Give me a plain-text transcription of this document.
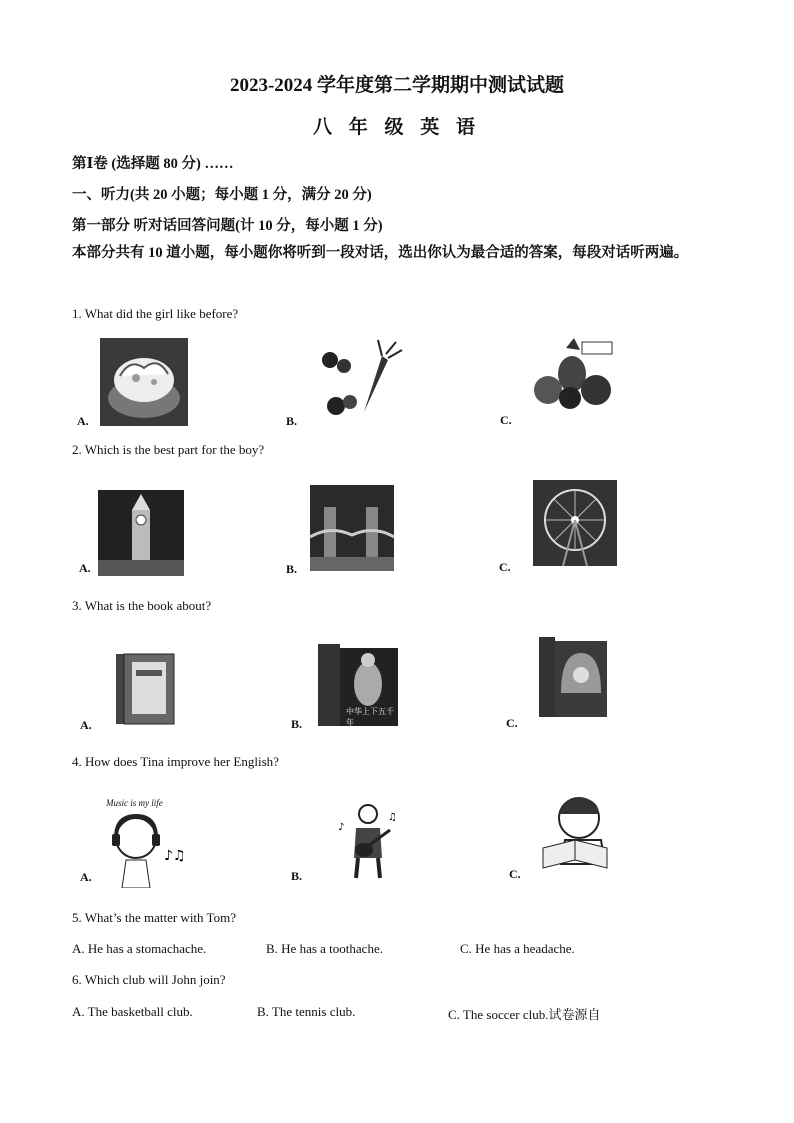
2023-2024 学年度第二学期期中测试试题
八 年 级 英 语
第Ⅰ卷 (选择题 80 分) ……
一、听力(共 20 小题；每小题 1 分，满分 20 分)
第一部分 听对话回答问题(计 10 分，每小题 1 分)
本部分共有 10 道小题，每小题你将听到一段对话，选出你认为最合适的答案，每段对话听两遍。
1. What did the girl like before?
A.	B.	C.
2. Which is the best part for the boy?
A.	B.	C.
3. What is the book about?
A.	B.	C.
中华上下五千年
4. How does Tina improve her English?
A.	B.	C.
Music is my life
♪♫
♪
♫
5. What’s the matter with Tom?
A. He has a stomachache.	B. He has a toothache.	C. He has a headache.
6. Which club will John join?
A. The basketball club.	B. The tennis club.	C. The soccer club.试卷源自
